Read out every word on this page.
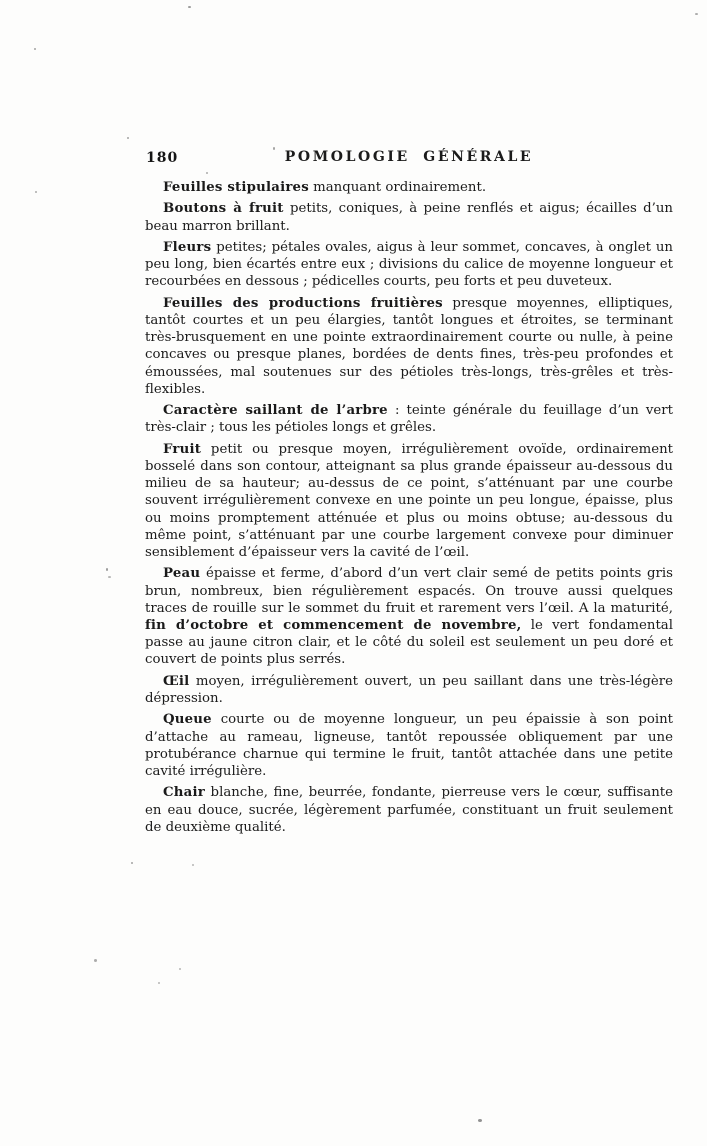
180	POMOLOGIE GÉNÉRALE

Feuilles stipulaires manquant ordinairement.

Boutons à fruit petits, coniques, à peine renflés et aigus; écailles d’un beau marron brillant.

Fleurs petites; pétales ovales, aigus à leur sommet, concaves, à onglet un peu long, bien écartés entre eux ; divisions du calice de moyenne longueur et recourbées en dessous ; pédicelles courts, peu forts et peu duveteux.

Feuilles des productions fruitières presque moyennes, elliptiques, tantôt courtes et un peu élargies, tantôt longues et étroites, se terminant très-brusquement en une pointe extraordinairement courte ou nulle, à peine concaves ou presque planes, bordées de dents fines, très-peu profondes et émoussées, mal soutenues sur des pétioles très-longs, très-grêles et très-flexibles.

Caractère saillant de l’arbre : teinte générale du feuillage d’un vert très-clair ; tous les pétioles longs et grêles.

Fruit petit ou presque moyen, irrégulièrement ovoïde, ordinairement bosselé dans son contour, atteignant sa plus grande épaisseur au-dessous du milieu de sa hauteur; au-dessus de ce point, s’atténuant par une courbe souvent irrégulièrement convexe en une pointe un peu longue, épaisse, plus ou moins promptement atténuée et plus ou moins obtuse; au-dessous du même point, s’atténuant par une courbe largement convexe pour diminuer sensiblement d’épaisseur vers la cavité de l’œil.

Peau épaisse et ferme, d’abord d’un vert clair semé de petits points gris brun, nombreux, bien régulièrement espacés. On trouve aussi quelques traces de rouille sur le sommet du fruit et rarement vers l’œil. A la maturité, fin d’octobre et commencement de novembre, le vert fondamental passe au jaune citron clair, et le côté du soleil est seulement un peu doré et couvert de points plus serrés.

Œil moyen, irrégulièrement ouvert, un peu saillant dans une très-légère dépression.

Queue courte ou de moyenne longueur, un peu épaissie à son point d’attache au rameau, ligneuse, tantôt repoussée obliquement par une protubérance charnue qui termine le fruit, tantôt attachée dans une petite cavité irrégulière.

Chair blanche, fine, beurrée, fondante, pierreuse vers le cœur, suffisante en eau douce, sucrée, légèrement parfumée, constituant un fruit seulement de deuxième qualité.
